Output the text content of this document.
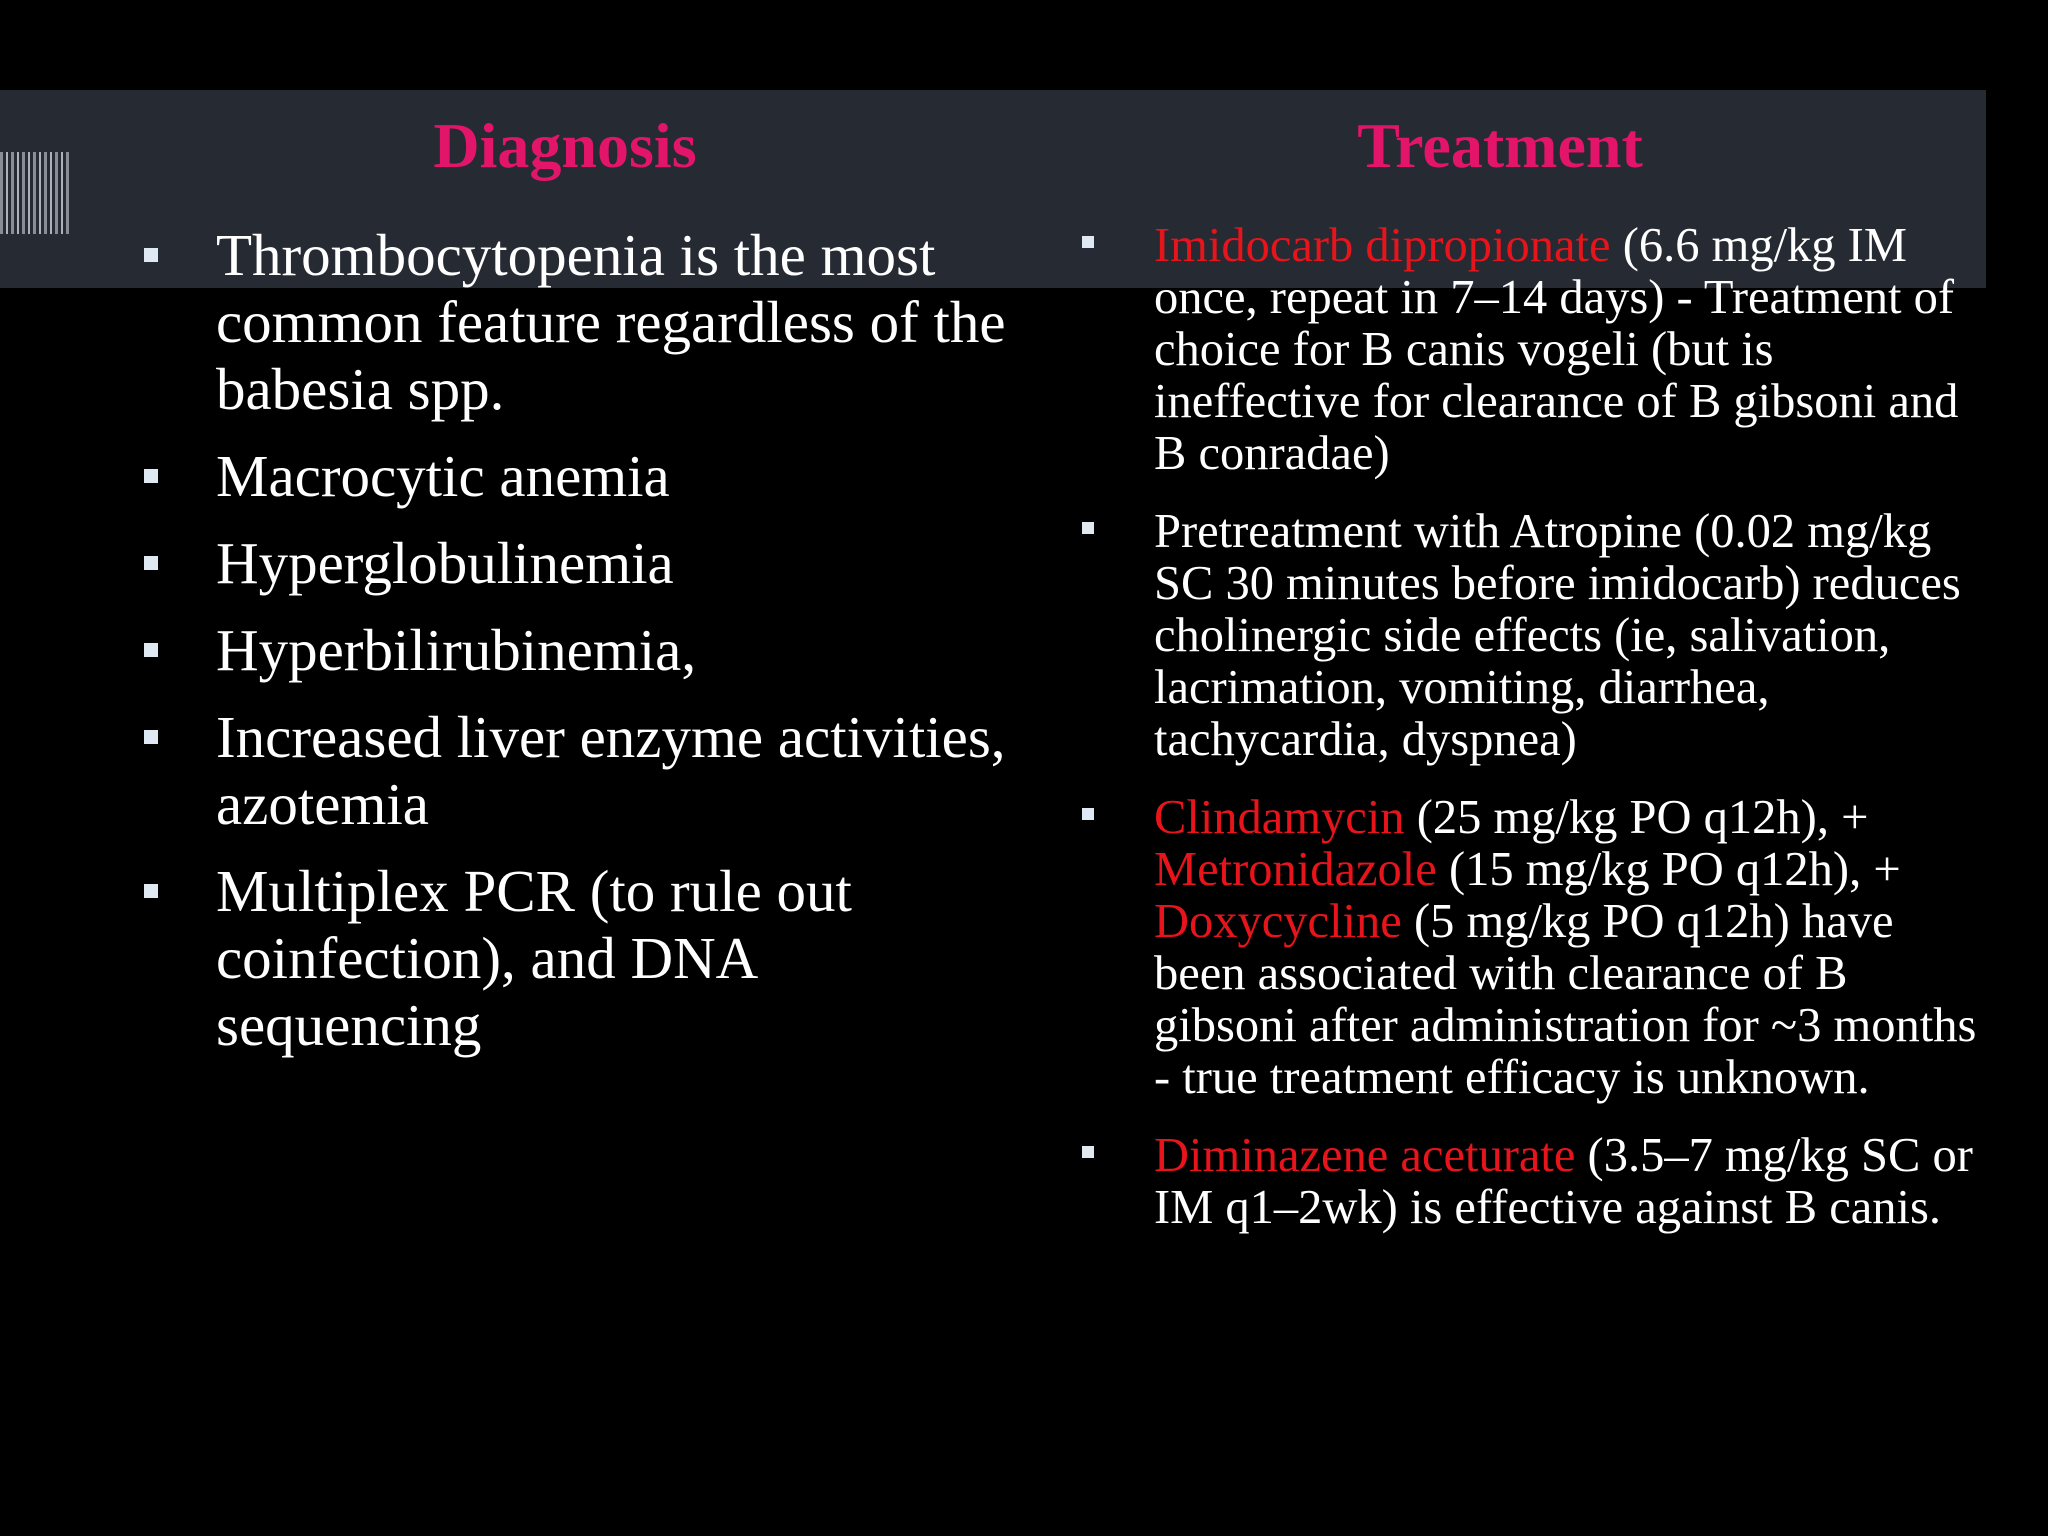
Diagnosis	Treatment
Thrombocytopenia is the most common feature regardless of the babesia spp.
Macrocytic anemia
Hyperglobulinemia
Hyperbilirubinemia,
Increased liver enzyme activities, azotemia
Multiplex PCR (to rule out coinfection), and DNA sequencing
Imidocarb dipropionate (6.6 mg/kg IM once, repeat in 7–14 days) - Treatment of choice for B canis vogeli (but is ineffective for clearance of B gibsoni and B conradae)
Pretreatment with Atropine (0.02 mg/kg SC 30 minutes before imidocarb) reduces cholinergic side effects (ie, salivation, lacrimation, vomiting, diarrhea, tachycardia, dyspnea)
Clindamycin (25 mg/kg PO q12h), + Metronidazole (15 mg/kg PO q12h), + Doxycycline (5 mg/kg PO q12h) have been associated with clearance of B gibsoni after administration for ~3 months - true treatment efficacy is unknown.
Diminazene aceturate (3.5–7 mg/kg SC or IM q1–2wk) is effective against B canis.
